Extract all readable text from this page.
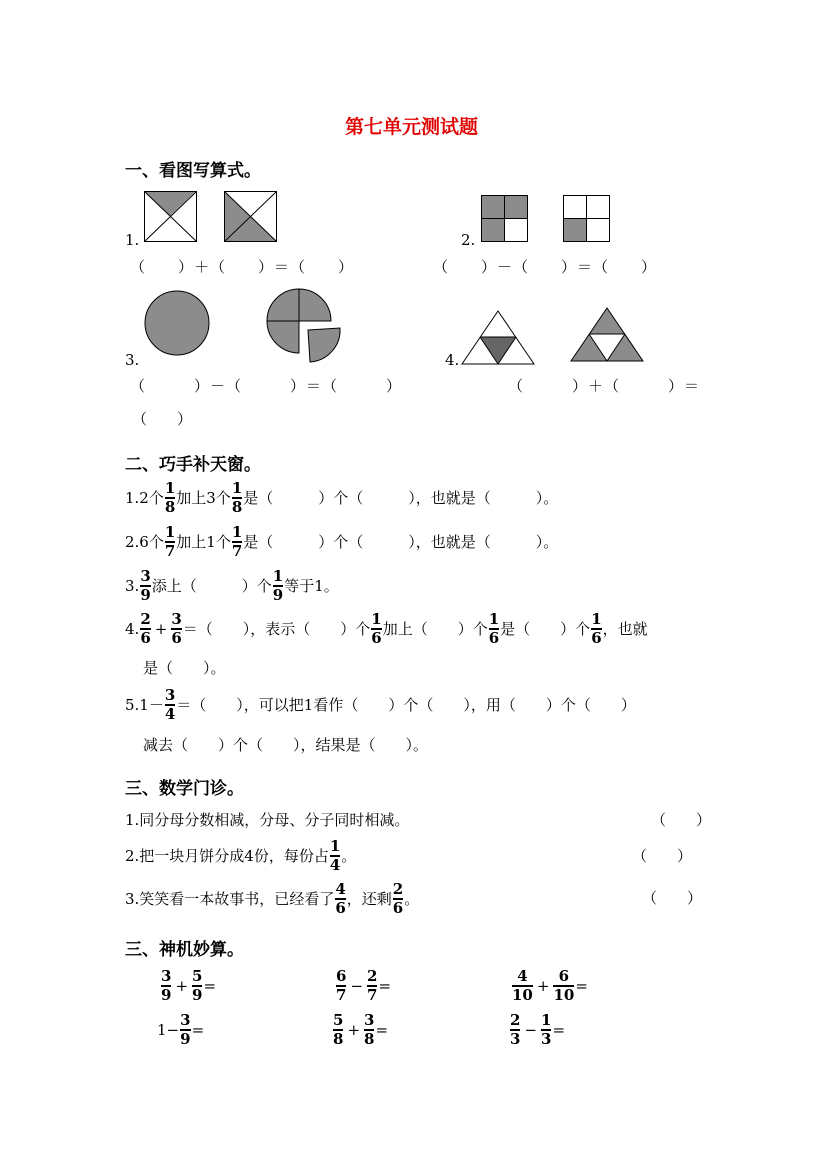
第七单元测试题
一、看图写算式。
1.
（　　）＋（　　）＝（　　）
2.
（　　）－（　　）＝（　　）
3.
（　　　）－（　　　）＝（　　　）
4.
（　　　）＋（　　　）＝
（　　）
二、巧手补天窗。
1.2个
1
8 加上3个
1
8 是（　　　）个（　　　），也就是（　　　）。
2.6个
1
7 加上1个
1
7 是（　　　）个（　　　），也就是（　　　）。
3.
3
9 添上（　　　）个
1
9 等于1。
4.
2
6 +
3
6 ＝（　　），表示（　　）个
1
6 加上（　　）个
1
6 是（　　）个
1
6 ，也就
是（　　）。
5.1－
3
4 ＝（　　），可以把1看作（　　）个（　　），用（　　）个（　　）
减去（　　）个（　　），结果是（　　）。
三、数学门诊。
1.同分母分数相减，分母、分子同时相减。	（　　）
2.把一块月饼分成4份，每份占
1
4 。	（　　）
3.笑笑看一本故事书，已经看了
4
6 ，还剩
2
6 。	（　　）
三、神机妙算。
3
9 +
5
9 =
6
7 −
2
7 =
4
10 +
6
10 =
1−
3
9 =
5
8 +
3
8 =
2
3 −
1
3 =
